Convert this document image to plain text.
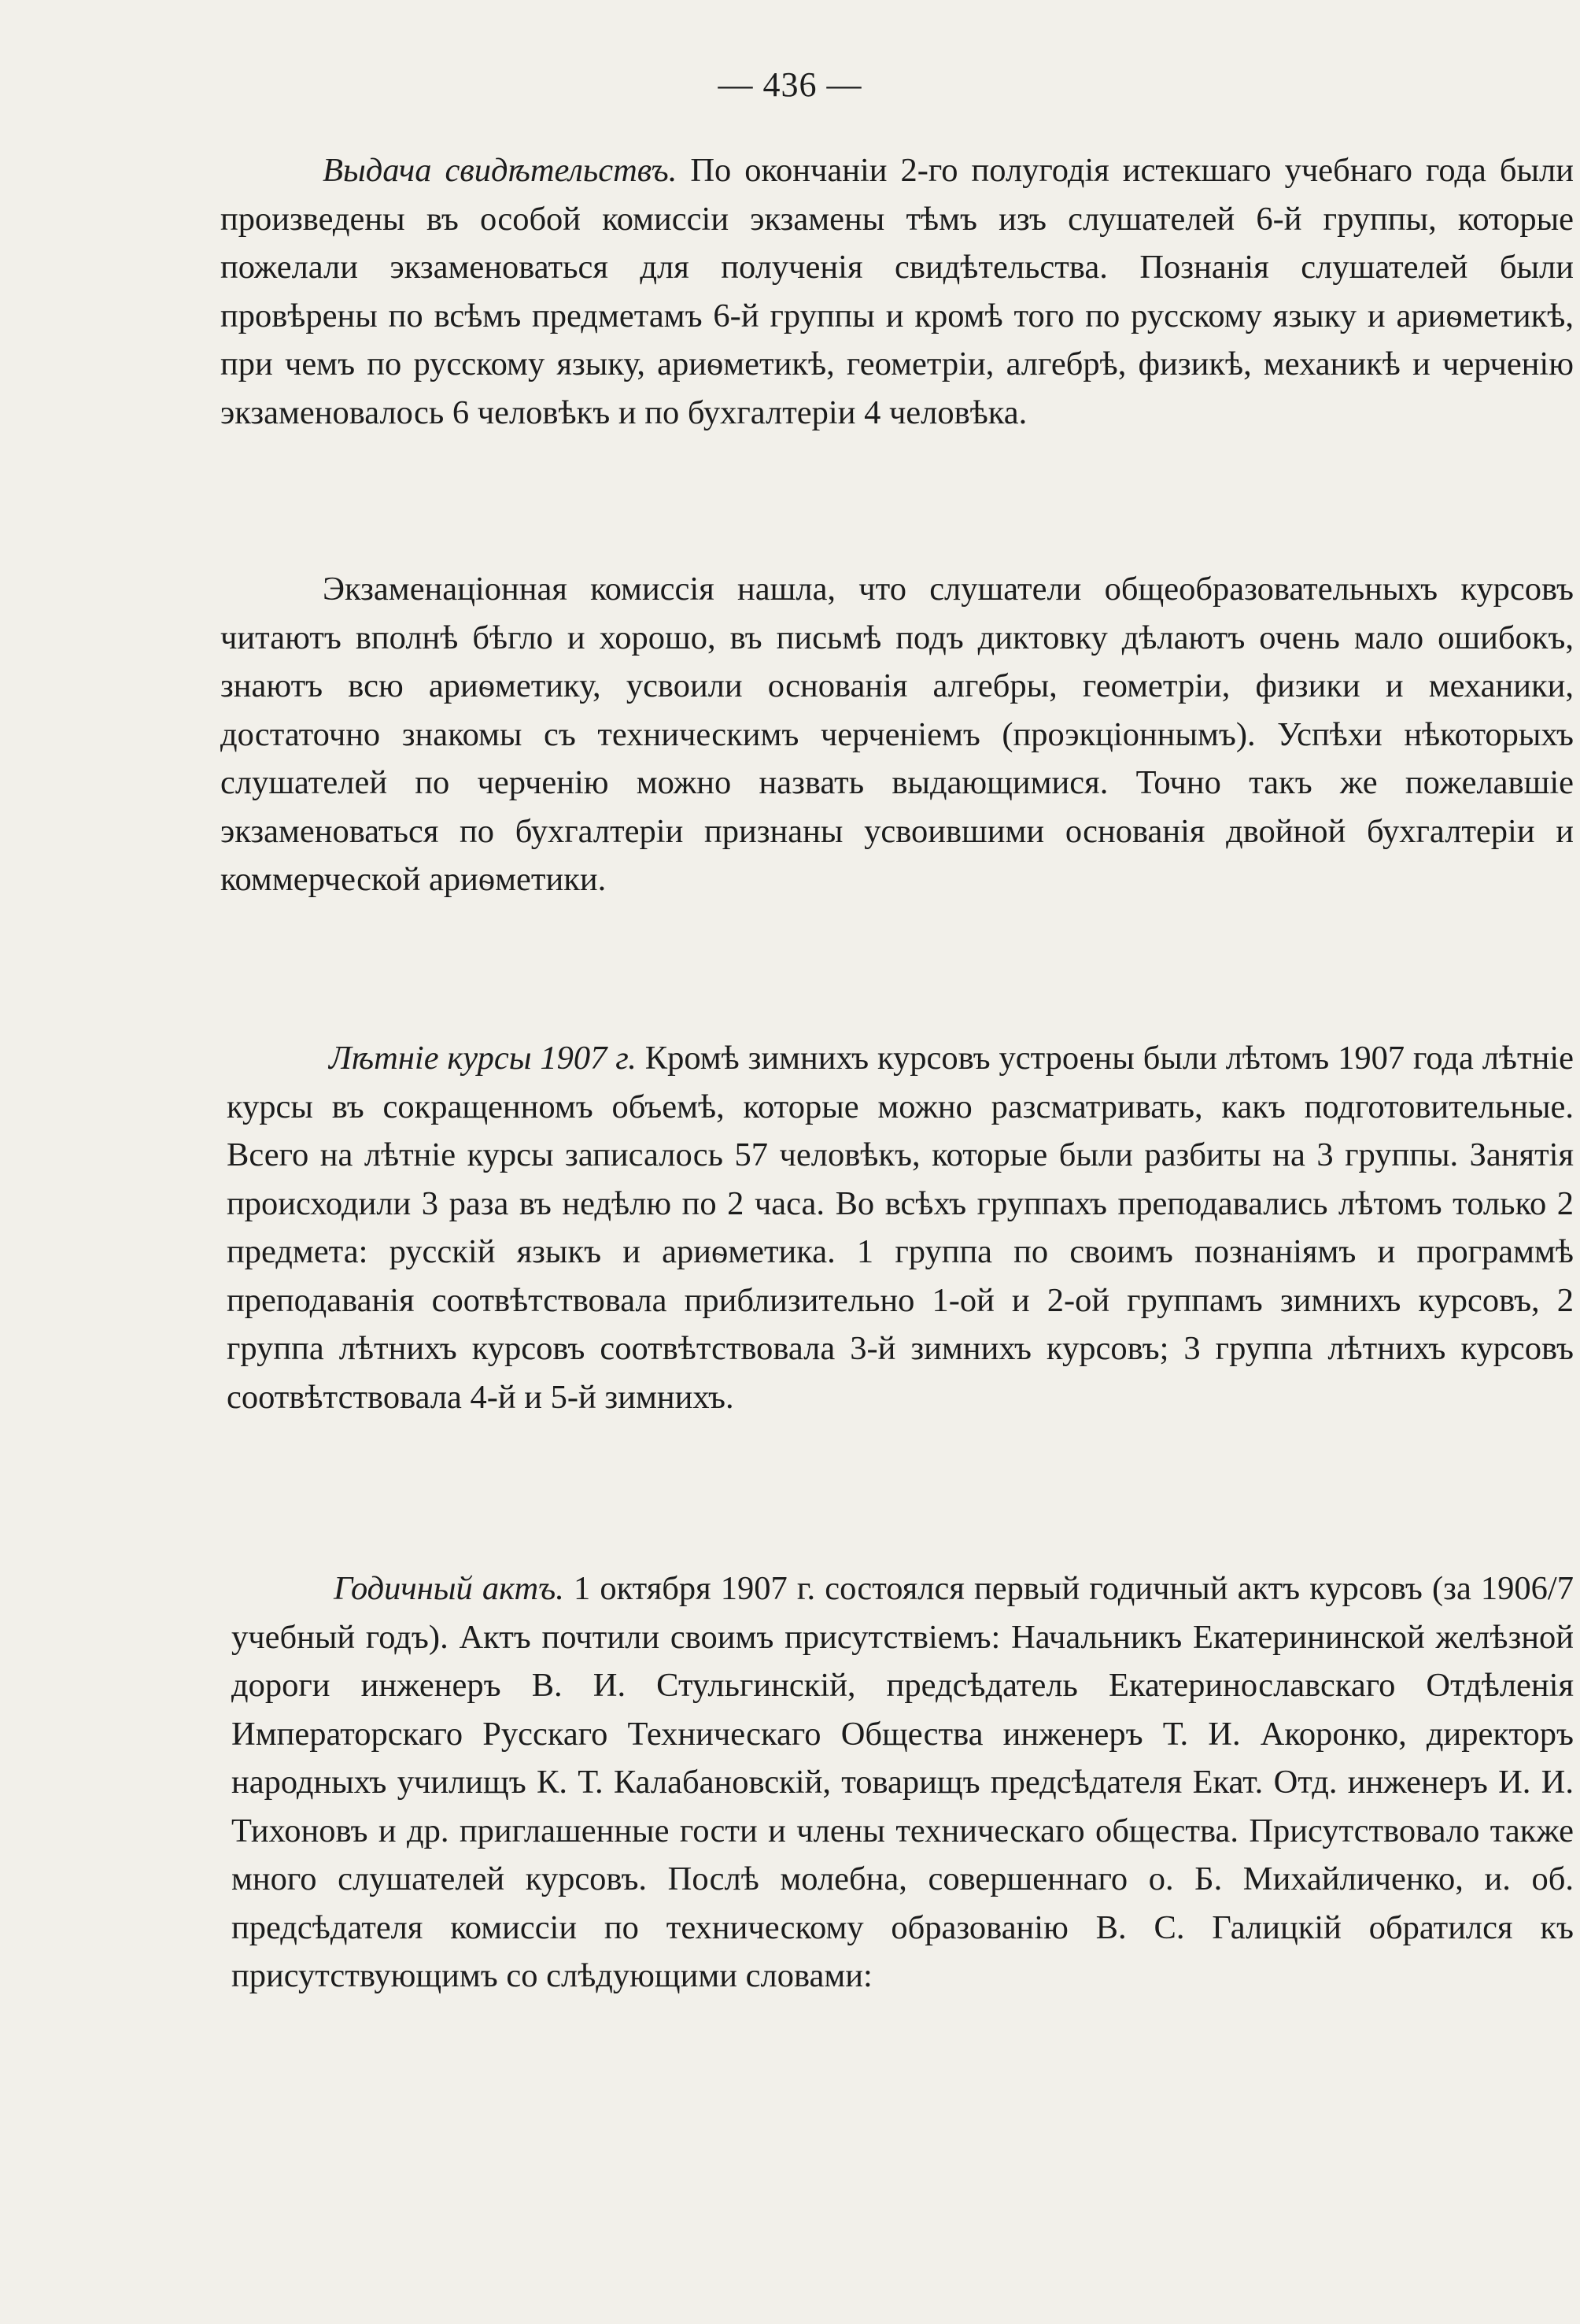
— 436 —

Выдача свидѣтельствъ. По окончаніи 2-го полугодія истекшаго учебнаго года были произведены въ особой комиссіи экзамены тѣмъ изъ слушателей 6-й группы, которые пожелали экзаменоваться для полученія свидѣтельства. Познанія слушателей были провѣрены по всѣмъ предметамъ 6-й группы и кромѣ того по русскому языку и ариѳметикѣ, при чемъ по русскому языку, ариѳметикѣ, геометріи, алгебрѣ, физикѣ, механикѣ и черченію экзаменовалось 6 человѣкъ и по бухгалтеріи 4 человѣка.

Экзаменаціонная комиссія нашла, что слушатели общеобразовательныхъ курсовъ читаютъ вполнѣ бѣгло и хорошо, въ письмѣ подъ диктовку дѣлаютъ очень мало ошибокъ, знаютъ всю ариѳметику, усвоили основанія алгебры, геометріи, физики и механики, достаточно знакомы съ техническимъ черченіемъ (проэкціоннымъ). Успѣхи нѣкоторыхъ слушателей по черченію можно назвать выдающимися. Точно такъ же пожелавшіе экзаменоваться по бухгалтеріи признаны усвоившими основанія двойной бухгалтеріи и коммерческой ариѳметики.

Лѣтніе курсы 1907 г. Кромѣ зимнихъ курсовъ устроены были лѣтомъ 1907 года лѣтніе курсы въ сокращенномъ объемѣ, которые можно разсматривать, какъ подготовительные. Всего на лѣтніе курсы записалось 57 человѣкъ, которые были разбиты на 3 группы. Занятія происходили 3 раза въ недѣлю по 2 часа. Во всѣхъ группахъ преподавались лѣтомъ только 2 предмета: русскій языкъ и ариѳметика. 1 группа по своимъ познаніямъ и программѣ преподаванія соотвѣтствовала приблизительно 1-ой и 2-ой группамъ зимнихъ курсовъ, 2 группа лѣтнихъ курсовъ соотвѣтствовала 3-й зимнихъ курсовъ; 3 группа лѣтнихъ курсовъ соотвѣтствовала 4-й и 5-й зимнихъ.

Годичный актъ. 1 октября 1907 г. состоялся первый годичный актъ курсовъ (за 1906/7 учебный годъ). Актъ почтили своимъ присутствіемъ: Начальникъ Екатерининской желѣзной дороги инженеръ В. И. Стульгинскій, предсѣдатель Екатеринославскаго Отдѣленія Императорскаго Русскаго Техническаго Общества инженеръ Т. И. Акоронко, директоръ народныхъ училищъ К. Т. Калабановскій, товарищъ предсѣдателя Екат. Отд. инженеръ И. И. Тихоновъ и др. приглашенные гости и члены техническаго общества. Присутствовало также много слушателей курсовъ. Послѣ молебна, совершеннаго о. Б. Михайличенко, и. об. предсѣдателя комиссіи по техническому образованію В. С. Галицкій обратился къ присутствующимъ со слѣдующими словами:
